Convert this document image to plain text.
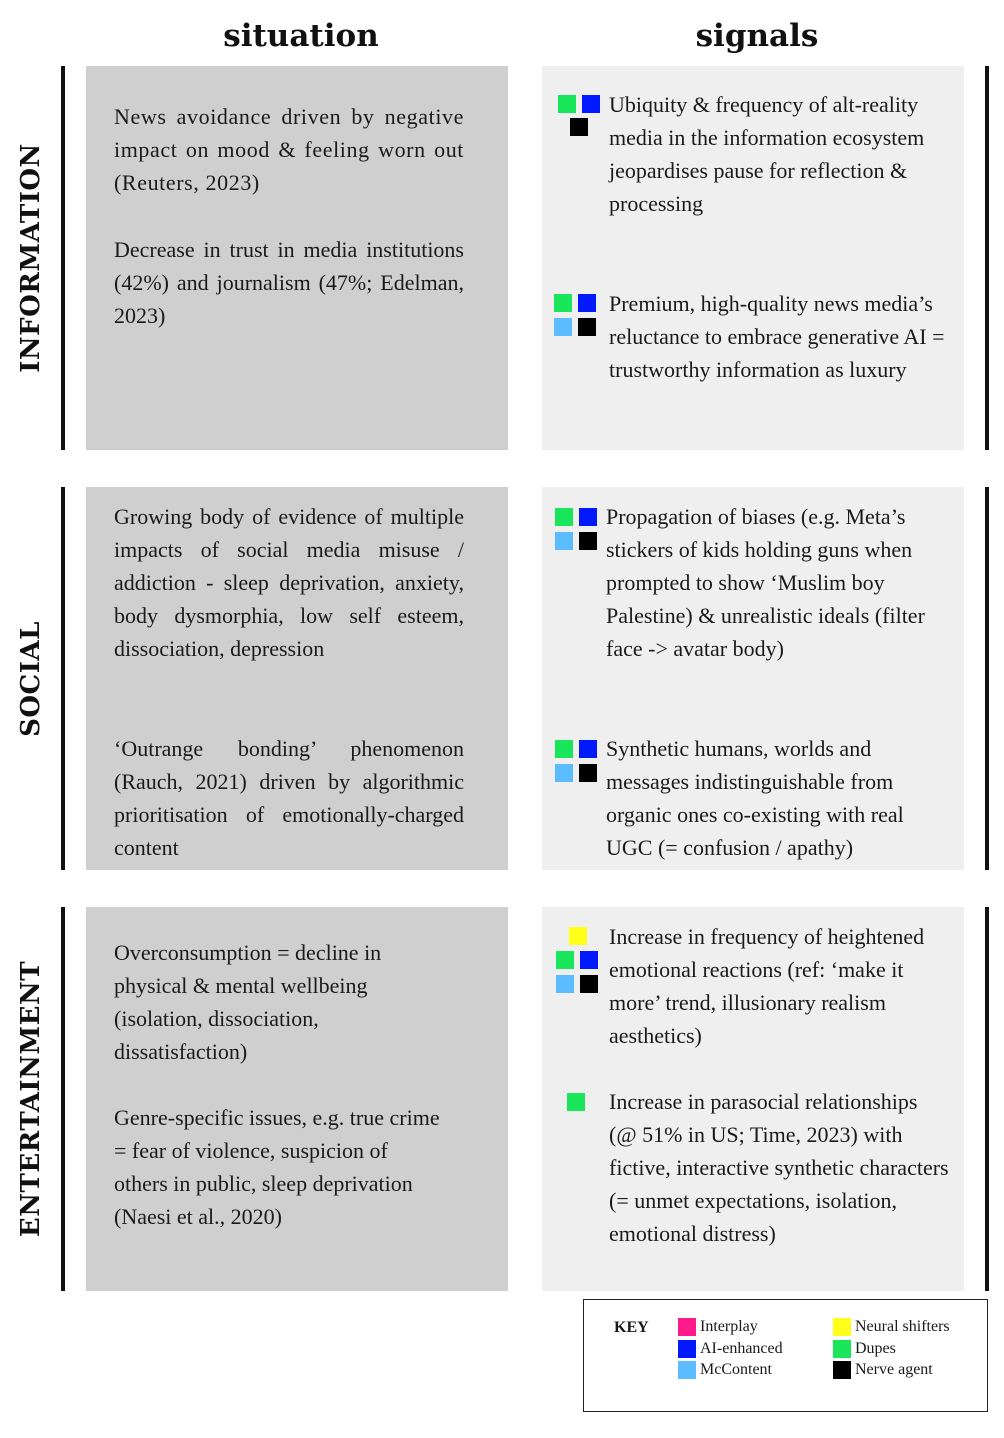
situation	signals
INFORMATION
News avoidance driven by negative impact on mood & feeling worn out (Reuters, 2023)
Decrease in trust in media institutions (42%) and journalism (47%; Edelman, 2023)
Ubiquity & frequency of alt-reality media in the information ecosystem jeopardises pause for reflection & processing
Premium, high-quality news media’s reluctance to embrace generative AI = trustworthy information as luxury
SOCIAL
Growing body of evidence of multiple impacts of social media misuse / addiction - sleep deprivation, anxiety, body dysmorphia, low self esteem, dissociation, depression
‘Outrange bonding’ phenomenon (Rauch, 2021) driven by algorithmic prioritisation of emotionally-charged content
Propagation of biases (e.g. Meta’s stickers of kids holding guns when prompted to show ‘Muslim boy Palestine) & unrealistic ideals (filter face -> avatar body)
Synthetic humans, worlds and messages indistinguishable from organic ones co-existing with real UGC (= confusion / apathy)
ENTERTAINMENT
Overconsumption = decline in physical & mental wellbeing (isolation, dissociation, dissatisfaction)
Genre-specific issues, e.g. true crime = fear of violence, suspicion of others in public, sleep deprivation (Naesi et al., 2020)
Increase in frequency of heightened emotional reactions (ref: ‘make it more’ trend, illusionary realism aesthetics)
Increase in parasocial relationships (@ 51% in US; Time, 2023) with fictive, interactive synthetic characters (= unmet expectations, isolation, emotional distress)
KEY	Interplay
AI-enhanced
McContent
Neural shifters
Dupes
Nerve agent
